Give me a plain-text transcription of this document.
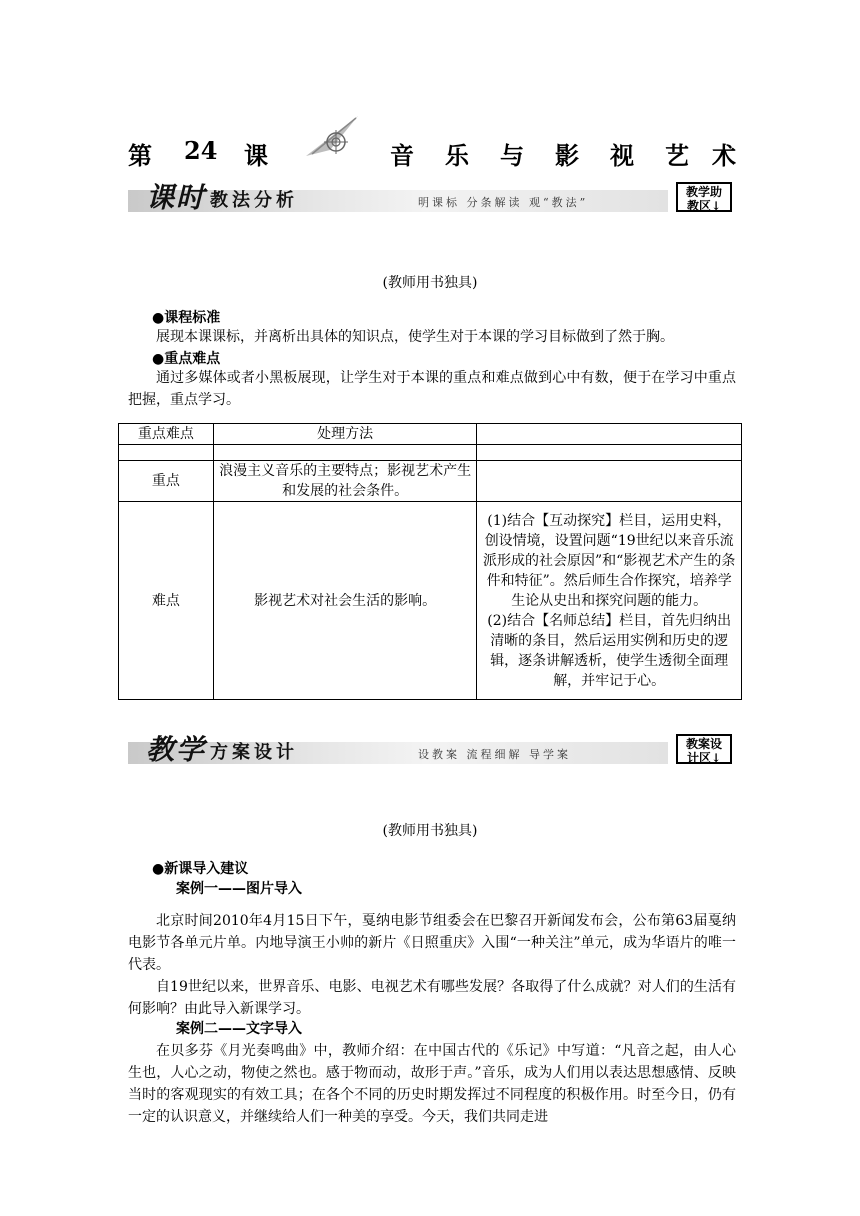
第 24 课	音 乐 与 影 视 艺 术
课时 教法分析	明课标 分条解读 观“教法”
教学助
教区↓
(教师用书独具)
●课程标准
展现本课课标，并离析出具体的知识点，使学生对于本课的学习目标做到了然于胸。
●重点难点
通过多媒体或者小黑板展现，让学生对于本课的重点和难点做到心中有数，便于在学习中重点把握，重点学习。
重点难点	处理方法	

重点	浪漫主义音乐的主要特点；影视艺术产生和发展的社会条件。	
难点	影视艺术对社会生活的影响。	(1)结合【互动探究】栏目，运用史料，创设情境，设置问题“19世纪以来音乐流派形成的社会原因”和“影视艺术产生的条件和特征”。然后师生合作探究，培养学生论从史出和探究问题的能力。
(2)结合【名师总结】栏目，首先归纳出清晰的条目，然后运用实例和历史的逻辑，逐条讲解透析，使学生透彻全面理解，并牢记于心。
教学 方案设计	设教案 流程细解 导学案
教案设
计区↓
(教师用书独具)
●新课导入建议
案例一——图片导入
北京时间2010年4月15日下午，戛纳电影节组委会在巴黎召开新闻发布会，公布第63届戛纳电影节各单元片单。内地导演王小帅的新片《日照重庆》入围“一种关注”单元，成为华语片的唯一代表。
自19世纪以来，世界音乐、电影、电视艺术有哪些发展？各取得了什么成就？对人们的生活有何影响？由此导入新课学习。
案例二——文字导入
在贝多芬《月光奏鸣曲》中，教师介绍：在中国古代的《乐记》中写道：“凡音之起，由人心生也，人心之动，物使之然也。感于物而动，故形于声。”音乐，成为人们用以表达思想感情、反映当时的客观现实的有效工具；在各个不同的历史时期发挥过不同程度的积极作用。时至今日，仍有一定的认识意义，并继续给人们一种美的享受。今天，我们共同走进
